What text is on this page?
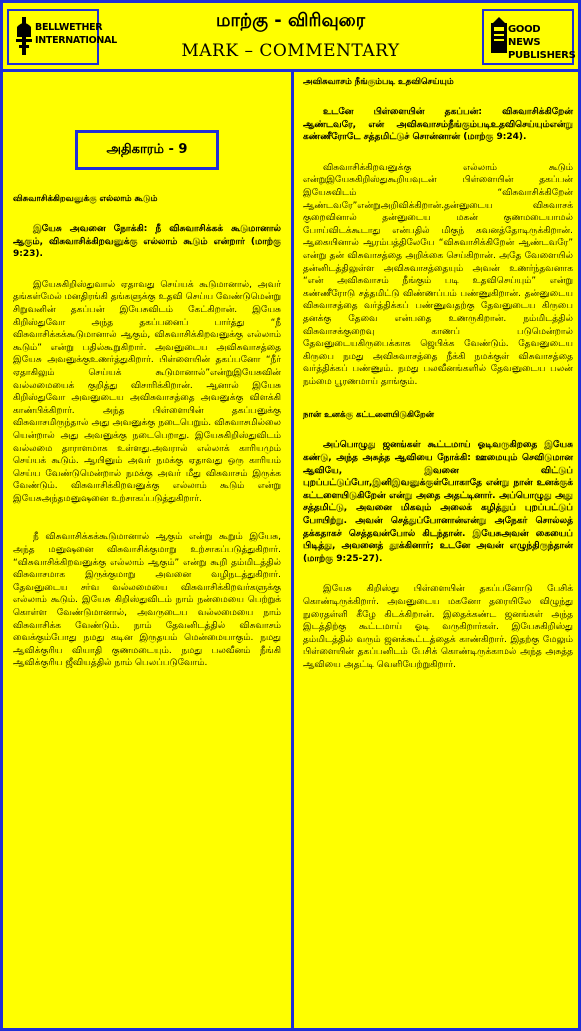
BELLWETHER INTERNATIONAL
மாற்கு - விரிவுரை
MARK – COMMENTARY
GOOD NEWS PUBLISHERS
அதிகாரம் - 9

விசுவாசிக்கிறவனுக்கு எல்லாம் கூடும்

இயேசு அவனை நோக்கி: நீ விசுவாசிக்கக் கூடுமானால் ஆகும், விசுவாசிக்கிறவனுக்கு எல்லாம் கூடும் என்றார் (மாற்கு 9:23).

இயேசுகிறிஸ்துவால் ஏதாவது செய்யக் கூடுமானால், அவர் தங்கள்மேல் மனதிரங்கி தங்களுக்கு உதவி செய்ய வேண்டுமென்று சிறுவனின் தகப்பன் இயேசுவிடம் கேட்கிறான். இயேசு கிறிஸ்துவோ அந்த தகப்பனைப் பார்த்து “நீ விசுவாசிக்கக்கூடுமானால் ஆகும், விசுவாசிக்கிறவனுக்கு எல்லாம் கூடும்” என்று பதில்கூறுகிறார். அவனுடைய அவிசுவாசத்தை இயேசு அவனுக்குஉணர்த்துகிறார். பிள்ளையின் தகப்பனோ “நீர் ஏதாகிலும் செய்யக் கூடுமானால்”என்றுஇயேசுவின் வல்லமையைக் குறித்து விசாரிக்கிறான். ஆனால் இயேசு கிறிஸ்துவோ அவனுடைய அவிசுவாசத்தை அவனுக்கு விளக்கி காண்பிக்கிறார். அந்த பிள்ளையின் தகப்பனுக்கு விசுவாசமிருந்தால் அது அவனுக்கு நடைபெறும். விசுவாசமில்லை யென்றால் அது அவனுக்கு நடைபெறாது. இயேசுகிறிஸ்துவிடம் வல்லமை தாராளமாக உள்ளது.அவரால் எல்லாக் காரியமும் செய்யக் கூடும். ஆயினும் அவர் நமக்கு ஏதாவது ஒரு காரியம் செய்ய வேண்டுமென்றால் நமக்கு அவர் மீது விசுவாசம் இருக்க வேண்டும். விசுவாசிக்கிறவனுக்கு எல்லாம் கூடும் என்று இயேசுஅந்தமனுஷனை உற்சாகப்படுத்துகிறார்.

நீ விசுவாசிக்கக்கூடுமானால் ஆகும் என்று கூறும் இயேசு, அந்த மனுஷனை விசுவாசிக்குமாறு உற்சாகப்படுத்துகிறார். “விசுவாசிக்கிறவனுக்கு எல்லாம் ஆகும்” என்று கூறி தம்மிடத்தில் விசுவாசமாக இருக்குமாறு அவனை வழிநடத்துகிறார். தேவனுடைய சர்வ வல்லமையை விசுவாசிக்கிறவர்களுக்கு எல்லாம் கூடும். இயேசு கிறிஸ்துவிடம் நாம் நன்மையை பெற்றுக் கொள்ள வேண்டுமானால், அவருடைய வல்லமையை நாம் விசுவாசிக்க வேண்டும். நாம் தேவனிடத்தில் விசுவாசம் வைக்கும்போது நமது கடின இருதயம் மென்மையாகும். நமது ஆவிக்குரிய வியாதி குணமடையும். நமது பலவீனம் நீங்கி ஆவிக்குரிய ஜீவியத்தில் நாம் பெலப்படுவோம்.

அவிசுவாசம் நீங்கும்படி உதவிசெய்யும்

உடனே பிள்ளையின் தகப்பன்: விசுவாசிக்கிறேன் ஆண்டவரே, என் அவிசுவாசம்நீங்கும்படிஉதவிசெய்யும்என்று கண்ணீரோடே சத்தமிட்டுச் சொன்னான் (மாற்கு 9:24).

விசுவாசிக்கிறவனுக்கு எல்லாம் கூடும் என்றுஇயேசுகிறிஸ்துகூறியவுடன் பிள்ளையின் தகப்பன் இயேசுவிடம் “விசுவாசிக்கிறேன் ஆண்டவரே”என்றுஅறிவிக்கிறான்.தன்னுடைய விசுவாசக் குறைவினால் தன்னுடைய மகன் குணமடையாமல் போய்விடக்கூடாது என்பதில் மிகுந் கவனத்தோடிருக்கிறான். ஆகையினால் ஆரம்பத்திலேயே “விசுவாசிக்கிறேன் ஆண்டவரே” என்று தன் விசுவாசத்தை அறிக்கை செய்கிறான். அதே வேளையில் தன்னிடத்திலுள்ள அவிசுவாசத்தையும் அவன் உணர்ந்தவனாக “என் அவிசுவாசம் நீங்கும் படி உதவிசெய்யும்” என்று கண்ணீரோடு சத்தமிட்டு விண்ணப்பம் பண்ணுகிறான். தன்னுடைய விசுவாசத்தை வர்த்திக்கப் பண்ணுவதற்கு தேவனுடைய கிருபை தனக்கு தேவை என்பதை உணருகிறான். நம்மிடத்தில் விசுவாசக்குறைவு காணப் படுமென்றால் தேவனுடையகிருபைக்காக ஜெபிக்க வேண்டும். தேவனுடைய கிருபை நமது அவிசுவாசத்தை நீக்கி நமக்குள் விசுவாசத்தை வர்த்திக்கப் பண்ணும். நமது பலவீனங்களில் தேவனுடைய பலன் நம்மை பூரணமாய் தாங்கும்.

நான் உனக்கு கட்டளையிடுகிறேன்

அப்பொழுது ஜனங்கள் கூட்டமாய் ஓடிவருகிறதை இயேசு கண்டு, அந்த அசுத்த ஆவியை நோக்கி: ஊமையும் செவிடுமான ஆவியே, இவனை விட்டுப் புறப்பட்டுப்போ,இனிஇவனுக்குள்போகாதே என்று நான் உனக்குக் கட்டளையிடுகிறேன் என்று அதை அதட்டினார். அப்பொழுது அது சத்தமிட்டு, அவனை மிகவும் அலைக் கழித்துப் புறப்பட்டுப் போயிற்று. அவன் செத்துப்போனான்என்று அநேகர் சொல்லத் தக்கதாகச் செத்தவன்போல் கிடந்தான். இயேசுஅவன் கையைப் பிடித்து, அவனைத் தூக்கினார்; உடனே அவன் எழுந்திருந்தான் (மாற்கு 9:25-27).

இயேசு கிறிஸ்து பிள்ளையின் தகப்பனோடு பேசிக் கொண்டிருக்கிறார். அவனுடைய மகனோ தரையிலே விழுந்து நுரைதள்ளி கீழே கிடக்கிறான். இதைக்கண்ட ஜனங்கள் அந்த இடத்திற்கு கூட்டமாய் ஓடி வருகிறார்கள். இயேசுகிறிஸ்து தம்மிடத்தில் வரும் ஜனக்கூட்டத்தைக் காண்கிறார். இதற்கு மேலும் பிள்ளையின் தகப்பனிடம் பேசிக் கொண்டிருக்காமல் அந்த அசுத்த ஆவியை அதட்டி வெளியேற்றுகிறார்.
